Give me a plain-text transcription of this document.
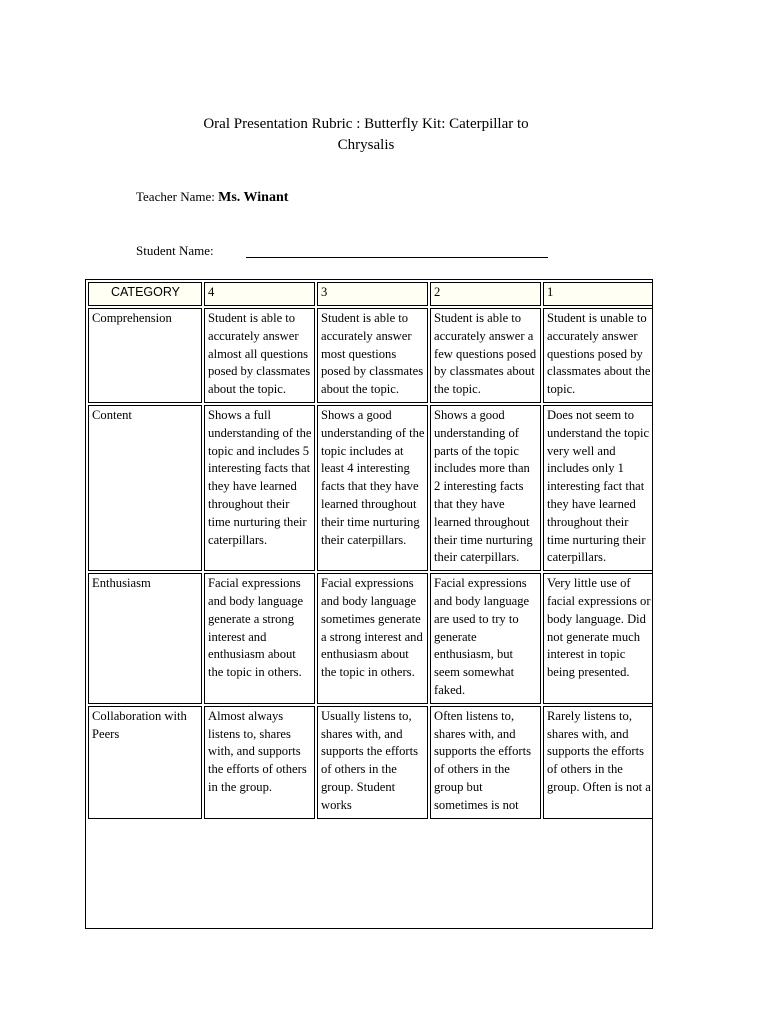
Oral Presentation Rubric : Butterfly Kit: Caterpillar to
Chrysalis
Teacher Name: Ms. Winant
Student Name:
CATEGORY	4	3	2	1
Comprehension	Student is able to accurately answer almost all questions posed by classmates about the topic.	Student is able to accurately answer most questions posed by classmates about the topic.	Student is able to accurately answer a few questions posed by classmates about the topic.	Student is unable to accurately answer questions posed by classmates about the topic.
Content	Shows a full understanding of the topic and includes 5 interesting facts that they have learned throughout their time nurturing their caterpillars.	Shows a good understanding of the topic includes at least 4 interesting facts that they have learned throughout their time nurturing their caterpillars.	Shows a good understanding of parts of the topic includes more than 2 interesting facts that they have learned throughout their time nurturing their caterpillars.	Does not seem to understand the topic very well and includes only 1 interesting fact that they have learned throughout their time nurturing their caterpillars.
Enthusiasm	Facial expressions and body language generate a strong interest and enthusiasm about the topic in others.	Facial expressions and body language sometimes generate a strong interest and enthusiasm about the topic in others.	Facial expressions and body language are used to try to generate enthusiasm, but seem somewhat faked.	Very little use of facial expressions or body language. Did not generate much interest in topic being presented.
Collaboration with Peers	Almost always listens to, shares with, and supports the efforts of others in the group.	Usually listens to, shares with, and supports the efforts of others in the group. Student works	Often listens to, shares with, and supports the efforts of others in the group but sometimes is not	Rarely listens to, shares with, and supports the efforts of others in the group. Often is not a
